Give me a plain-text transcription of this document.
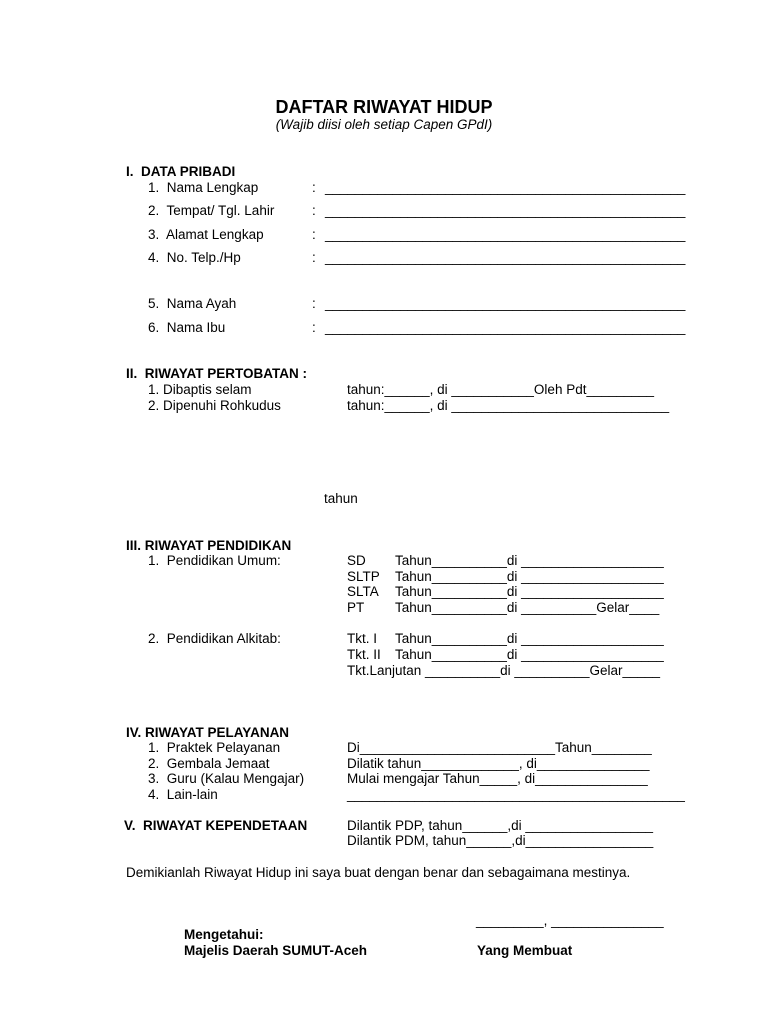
DAFTAR RIWAYAT HIDUP
(Wajib diisi oleh setiap Capen GPdI)
I.  DATA PRIBADI
1.  Nama Lengkap	: ________________________________________________
2.  Tempat/ Tgl. Lahir	: ________________________________________________
3.  Alamat Lengkap	: ________________________________________________
4.  No. Telp./Hp	: ________________________________________________
5.  Nama Ayah	: ________________________________________________
6.  Nama Ibu	: ________________________________________________
II.  RIWAYAT PERTOBATAN :
1. Dibaptis selam	tahun:______, di ___________Oleh Pdt_________
2. Dipenuhi Rohkudus	tahun:______, di _____________________________
tahun
III. RIWAYAT PENDIDIKAN
1.  Pendidikan Umum:	SD Tahun__________di ___________________
SLTP Tahun__________di ___________________
SLTA Tahun__________di ___________________
PT Tahun__________di __________Gelar____
2.  Pendidikan Alkitab:	Tkt. I Tahun__________di ___________________
Tkt. II Tahun__________di ___________________
Tkt.Lanjutan __________di __________Gelar_____
IV. RIWAYAT PELAYANAN
1.  Praktek Pelayanan	Di__________________________Tahun________
2.  Gembala Jemaat	Dilatik tahun_____________, di_______________
3.  Guru (Kalau Mengajar)	Mulai mengajar Tahun_____, di_______________
4.  Lain-lain	_____________________________________________
V.  RIWAYAT KEPENDETAAN	Dilantik PDP, tahun______,di _________________
Dilantik PDM, tahun______,di_________________
Demikianlah Riwayat Hidup ini saya buat dengan benar dan sebagaimana mestinya.
_________, _______________
Mengetahui:
Majelis Daerah SUMUT-Aceh	Yang Membuat
